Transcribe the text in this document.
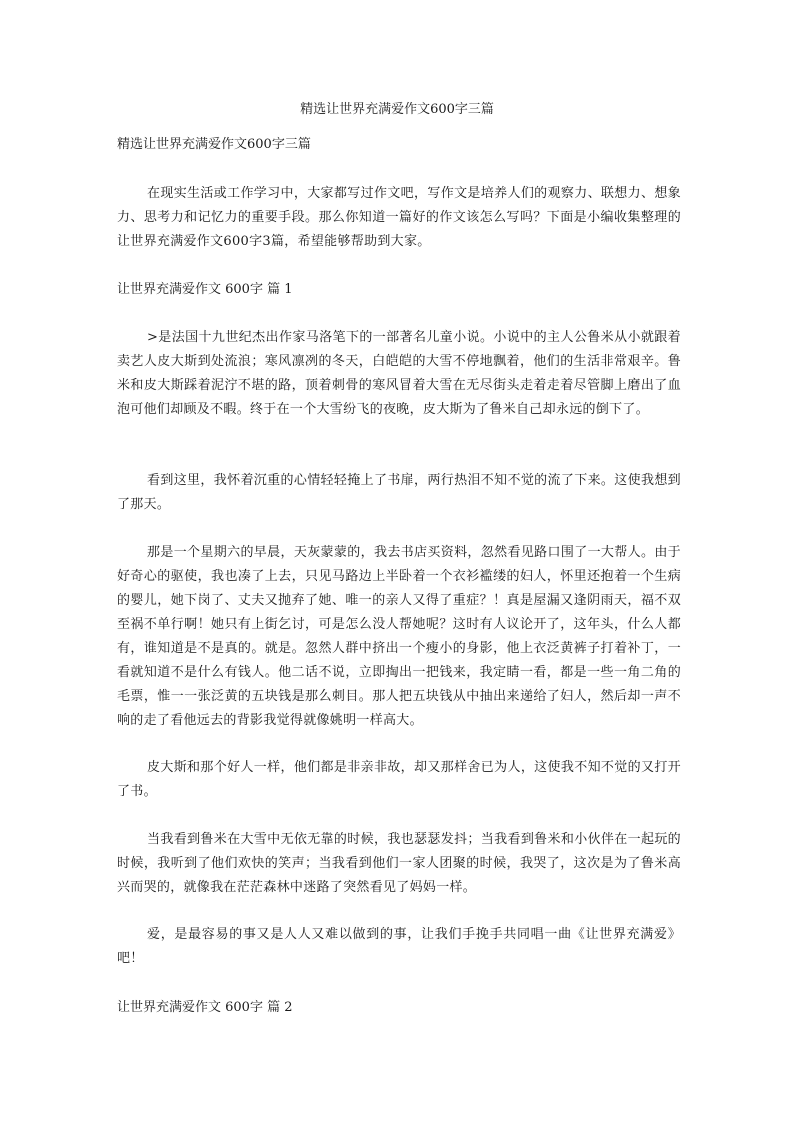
精选让世界充满爱作文600字三篇
精选让世界充满爱作文600字三篇

在现实生活或工作学习中，大家都写过作文吧，写作文是培养人们的观察力、联想力、想象力、思考力和记忆力的重要手段。那么你知道一篇好的作文该怎么写吗？下面是小编收集整理的让世界充满爱作文600字3篇，希望能够帮助到大家。

让世界充满爱作文 600字 篇 1

>是法国十九世纪杰出作家马洛笔下的一部著名儿童小说。小说中的主人公鲁米从小就跟着卖艺人皮大斯到处流浪；寒风凛冽的冬天，白皑皑的大雪不停地飘着，他们的生活非常艰辛。鲁米和皮大斯踩着泥泞不堪的路，顶着刺骨的寒风冒着大雪在无尽街头走着走着尽管脚上磨出了血泡可他们却顾及不暇。终于在一个大雪纷飞的夜晚，皮大斯为了鲁米自己却永远的倒下了。

看到这里，我怀着沉重的心情轻轻掩上了书扉，两行热泪不知不觉的流了下来。这使我想到了那天。

那是一个星期六的早晨，天灰蒙蒙的，我去书店买资料，忽然看见路口围了一大帮人。由于好奇心的驱使，我也凑了上去，只见马路边上半卧着一个衣衫褴缕的妇人，怀里还抱着一个生病的婴儿，她下岗了、丈夫又抛弃了她、唯一的亲人又得了重症？！真是屋漏又逢阴雨天，福不双至祸不单行啊！她只有上街乞讨，可是怎么没人帮她呢？这时有人议论开了，这年头，什么人都有，谁知道是不是真的。就是。忽然人群中挤出一个瘦小的身影，他上衣泛黄裤子打着补丁，一看就知道不是什么有钱人。他二话不说，立即掏出一把钱来，我定睛一看，都是一些一角二角的毛票，惟一一张泛黄的五块钱是那么刺目。那人把五块钱从中抽出来递给了妇人，然后却一声不响的走了看他远去的背影我觉得就像姚明一样高大。

皮大斯和那个好人一样，他们都是非亲非故，却又那样舍已为人，这使我不知不觉的又打开了书。

当我看到鲁米在大雪中无依无靠的时候，我也瑟瑟发抖；当我看到鲁米和小伙伴在一起玩的时候，我听到了他们欢快的笑声；当我看到他们一家人团聚的时候，我哭了，这次是为了鲁米高兴而哭的，就像我在茫茫森林中迷路了突然看见了妈妈一样。

爱，是最容易的事又是人人又难以做到的事，让我们手挽手共同唱一曲《让世界充满爱》吧！

让世界充满爱作文 600字 篇 2
